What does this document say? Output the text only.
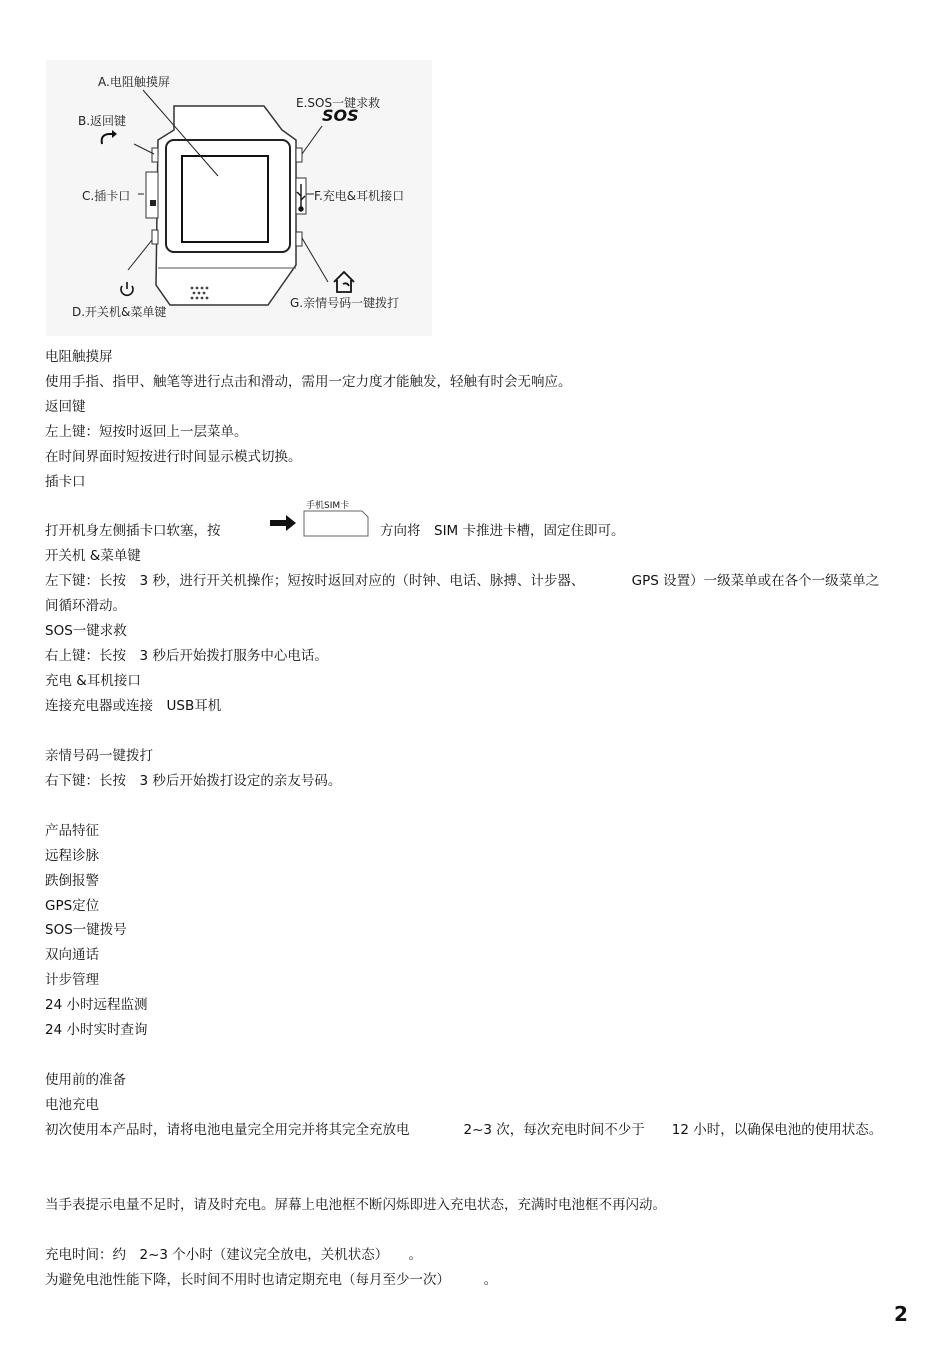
A.电阻触摸屏
B.返回键
C.插卡口
D.开关机&菜单键
E.SOS一键求救
SOS
F.充电&耳机接口
G.亲情号码一键拨打
电阻触摸屏
使用手指、指甲、触笔等进行点击和滑动，需用一定力度才能触发，轻触有时会无响应。
返回键
左上键：短按时返回上一层菜单。
在时间界面时短按进行时间显示模式切换。
插卡口
打开机身左侧插卡口软塞，按
手机SIM卡
方向将　SIM 卡推进卡槽，固定住即可。
开关机 &菜单键
左下键：长按　3 秒，进行开关机操作；短按时返回对应的（时钟、电话、脉搏、计步器、　　　　GPS 设置）一级菜单或在各个一级菜单之间循环滑动。
SOS一键求救
右上键：长按　3 秒后开始拨打服务中心电话。
充电 &耳机接口
连接充电器或连接　USB耳机
亲情号码一键拨打
右下键：长按　3 秒后开始拨打设定的亲友号码。
产品特征
远程诊脉
跌倒报警
GPS定位
SOS一键拨号
双向通话
计步管理
24 小时远程监测
24 小时实时查询
使用前的准备
电池充电
初次使用本产品时，请将电池电量完全用完并将其完全充放电　　　　2~3 次，每次充电时间不少于　　12 小时，以确保电池的使用状态。
当手表提示电量不足时，请及时充电。屏幕上电池框不断闪烁即进入充电状态，充满时电池框不再闪动。
充电时间：约　2~3 个小时（建议完全放电，关机状态）　　。
为避免电池性能下降，长时间不用时也请定期充电（每月至少一次）　　　。
2
